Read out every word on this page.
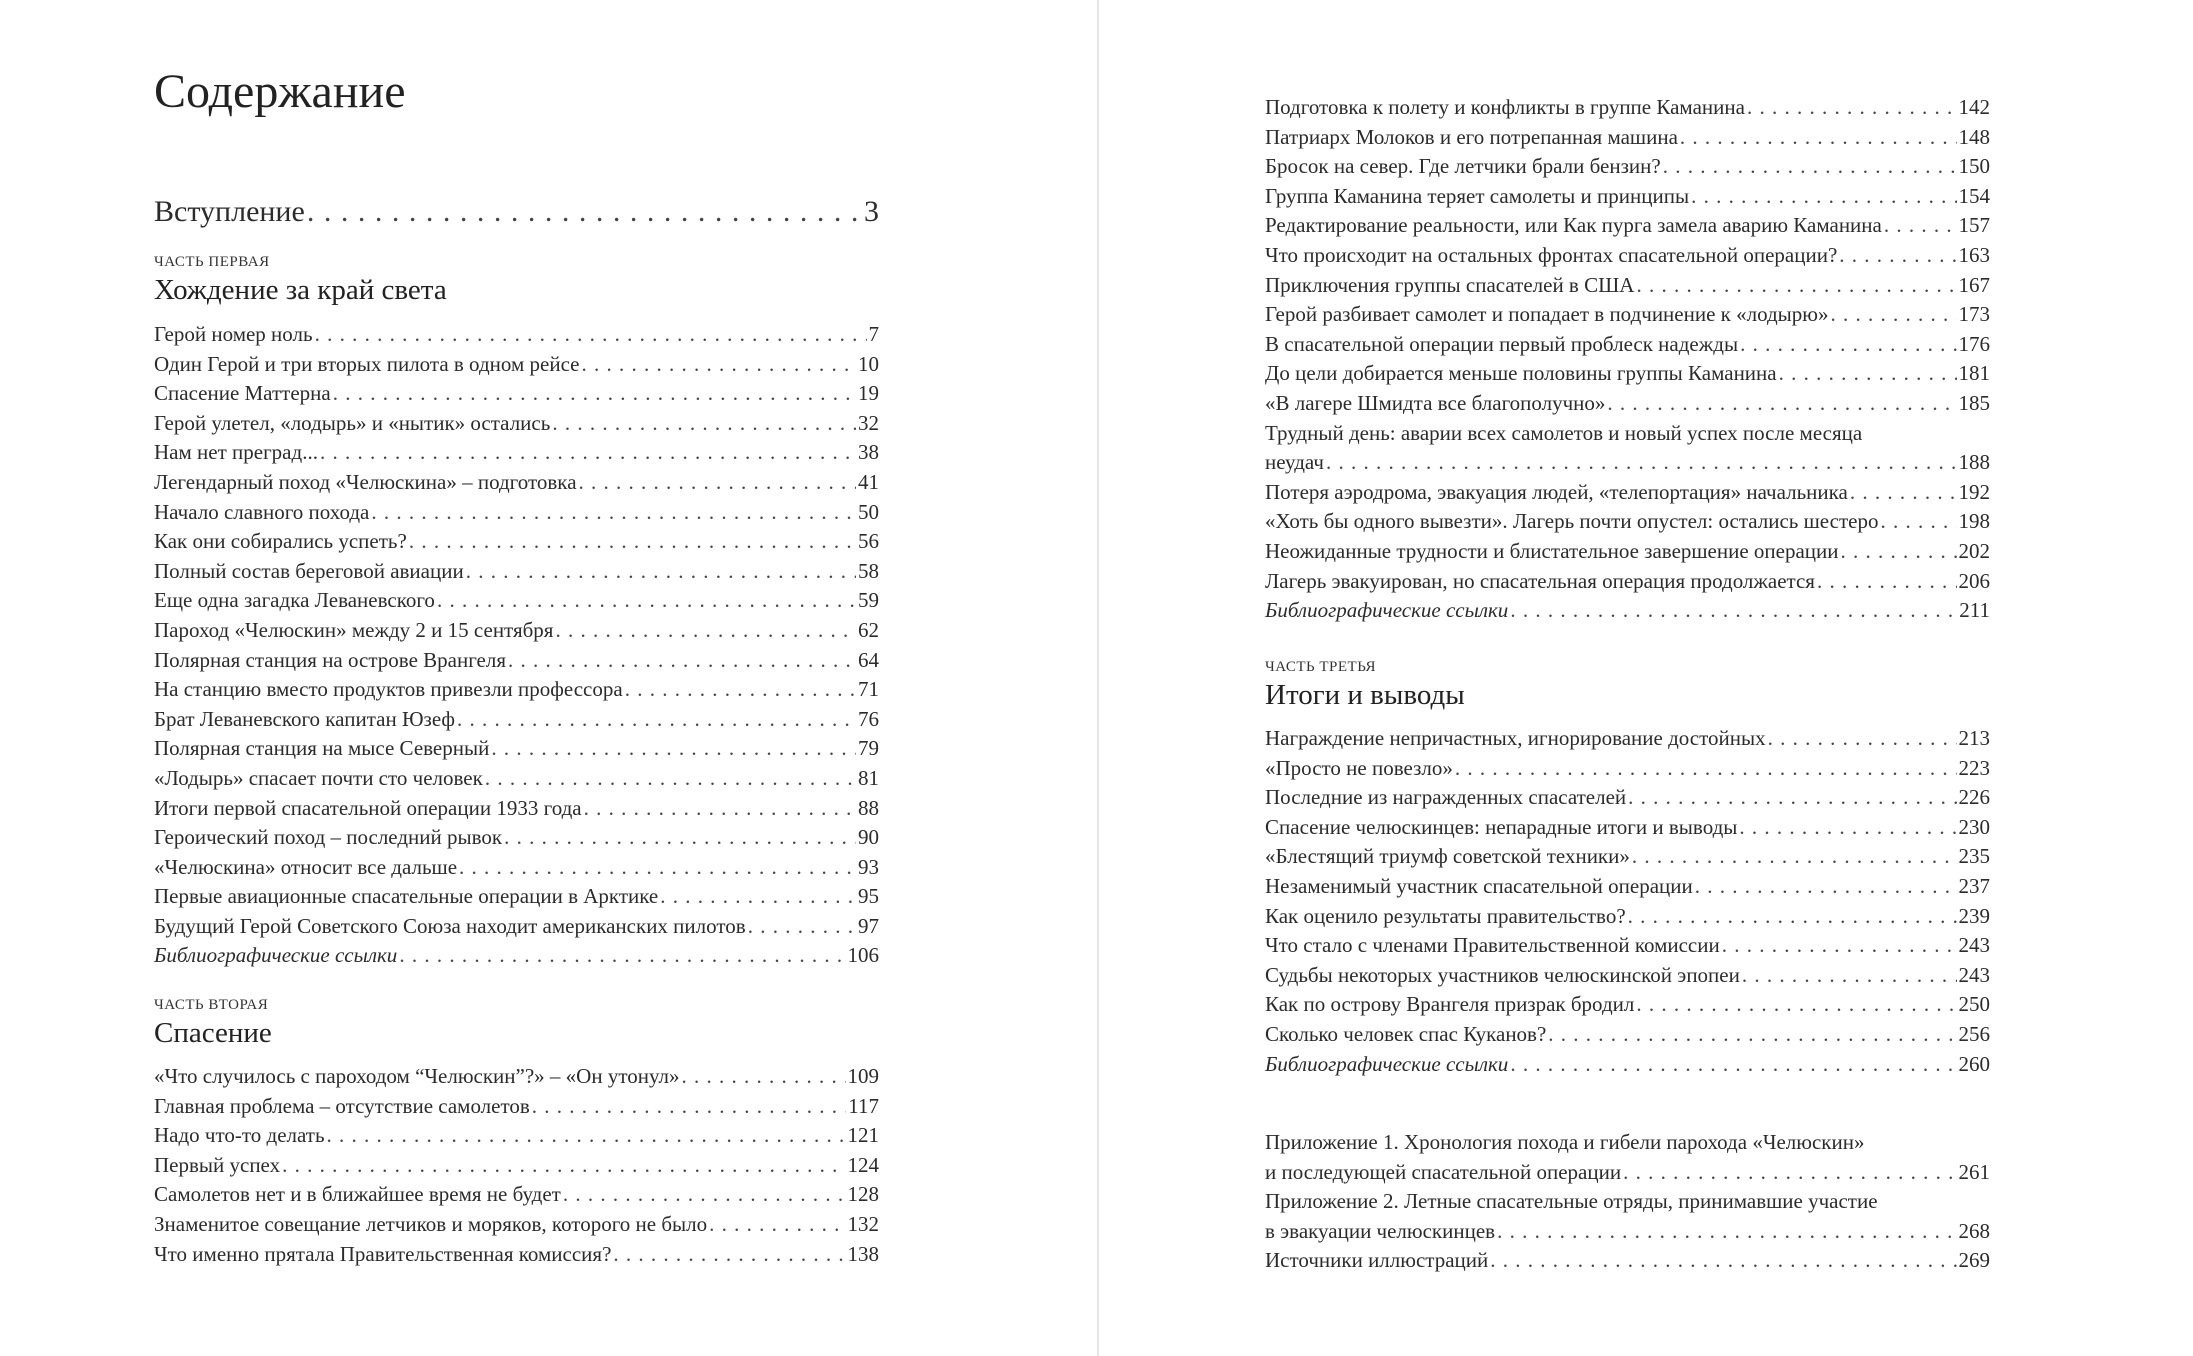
Содержание
Вступление . . .	3
ЧАСТЬ ПЕРВАЯ
Хождение за край света
Герой номер ноль . . .	7
Один Герой и три вторых пилота в одном рейсе . . .	10
Спасение Маттерна . . .	19
Герой улетел, «лодырь» и «нытик» остались . . .	32
Нам нет преград... . . .	38
Легендарный поход «Челюскина» – подготовка . . .	41
Начало славного похода . . .	50
Как они собирались успеть? . . .	56
Полный состав береговой авиации . . .	58
Еще одна загадка Леваневского . . .	59
Пароход «Челюскин» между 2 и 15 сентября . . .	62
Полярная станция на острове Врангеля . . .	64
На станцию вместо продуктов привезли профессора . . .	71
Брат Леваневского капитан Юзеф . . .	76
Полярная станция на мысе Северный . . .	79
«Лодырь» спасает почти сто человек . . .	81
Итоги первой спасательной операции 1933 года . . .	88
Героический поход – последний рывок . . .	90
«Челюскина» относит все дальше . . .	93
Первые авиационные спасательные операции в Арктике . . .	95
Будущий Герой Советского Союза находит американских пилотов . . .	97
Библиографические ссылки . . .	106
ЧАСТЬ ВТОРАЯ
Спасение
«Что случилось с пароходом “Челюскин”?» – «Он утонул» . . .	109
Главная проблема – отсутствие самолетов . . .	117
Надо что-то делать . . .	121
Первый успех . . .	124
Самолетов нет и в ближайшее время не будет . . .	128
Знаменитое совещание летчиков и моряков, которого не было . . .	132
Что именно прятала Правительственная комиссия? . . .	138
Подготовка к полету и конфликты в группе Каманина . . .	142
Патриарх Молоков и его потрепанная машина . . .	148
Бросок на север. Где летчики брали бензин? . . .	150
Группа Каманина теряет самолеты и принципы . . .	154
Редактирование реальности, или Как пурга замела аварию Каманина . . .	157
Что происходит на остальных фронтах спасательной операции? . . .	163
Приключения группы спасателей в США . . .	167
Герой разбивает самолет и попадает в подчинение к «лодырю» . . .	173
В спасательной операции первый проблеск надежды . . .	176
До цели добирается меньше половины группы Каманина . . .	181
«В лагере Шмидта все благополучно» . . .	185
Трудный день: аварии всех самолетов и новый успех после месяца
неудач . . .	188
Потеря аэродрома, эвакуация людей, «телепортация» начальника . . .	192
«Хоть бы одного вывезти». Лагерь почти опустел: остались шестеро . . .	198
Неожиданные трудности и блистательное завершение операции . . .	202
Лагерь эвакуирован, но спасательная операция продолжается . . .	206
Библиографические ссылки . . .	211
ЧАСТЬ ТРЕТЬЯ
Итоги и выводы
Награждение непричастных, игнорирование достойных . . .	213
«Просто не повезло» . . .	223
Последние из награжденных спасателей . . .	226
Спасение челюскинцев: непарадные итоги и выводы . . .	230
«Блестящий триумф советской техники» . . .	235
Незаменимый участник спасательной операции . . .	237
Как оценило результаты правительство? . . .	239
Что стало с членами Правительственной комиссии . . .	243
Судьбы некоторых участников челюскинской эпопеи . . .	243
Как по острову Врангеля призрак бродил . . .	250
Сколько человек спас Куканов? . . .	256
Библиографические ссылки . . .	260
Приложение 1. Хронология похода и гибели парохода «Челюскин»
и последующей спасательной операции . . .	261
Приложение 2. Летные спасательные отряды, принимавшие участие
в эвакуации челюскинцев . . .	268
Источники иллюстраций . . .	269
